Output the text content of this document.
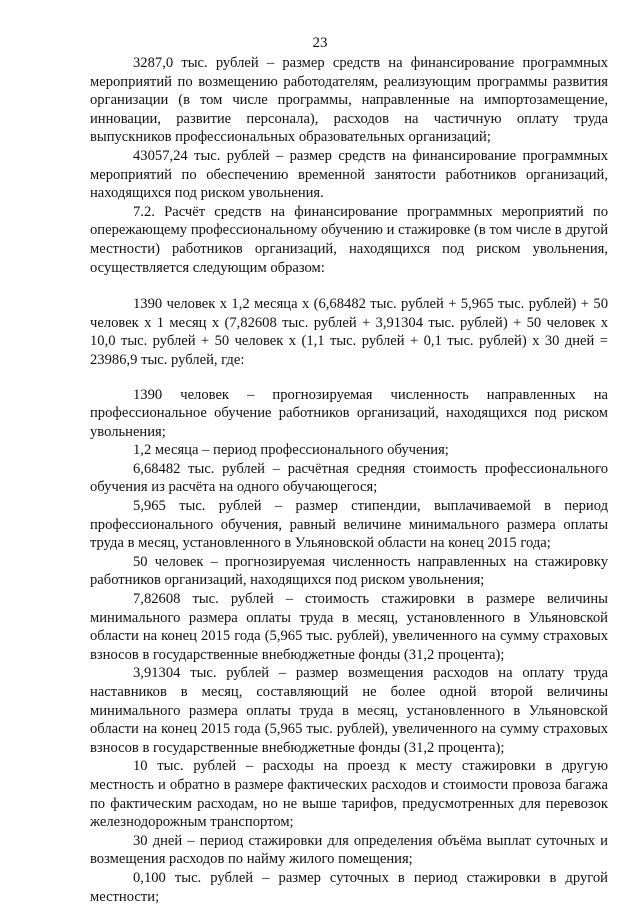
23

3287,0 тыс. рублей – размер средств на финансирование программных мероприятий по возмещению работодателям, реализующим программы развития организации (в том числе программы, направленные на импортозамещение, инновации, развитие персонала), расходов на частичную оплату труда выпускников профессиональных образовательных организаций;

43057,24 тыс. рублей – размер средств на финансирование программных мероприятий по обеспечению временной занятости работников организаций, находящихся под риском увольнения.

7.2. Расчёт средств на финансирование программных мероприятий по опережающему профессиональному обучению и стажировке (в том числе в другой местности) работников организаций, находящихся под риском увольнения, осуществляется следующим образом:

1390 человек х 1,2 месяца х (6,68482 тыс. рублей + 5,965 тыс. рублей) + 50 человек х 1 месяц х (7,82608 тыс. рублей + 3,91304 тыс. рублей) + 50 человек х 10,0 тыс. рублей + 50 человек х (1,1 тыс. рублей + 0,1 тыс. рублей) х 30 дней = 23986,9 тыс. рублей, где:

1390 человек – прогнозируемая численность направленных на профессиональное обучение работников организаций, находящихся под риском увольнения;

1,2 месяца – период профессионального обучения;

6,68482 тыс. рублей – расчётная средняя стоимость профессионального обучения из расчёта на одного обучающегося;

5,965 тыс. рублей – размер стипендии, выплачиваемой в период профессионального обучения, равный величине минимального размера оплаты труда в месяц, установленного в Ульяновской области на конец 2015 года;

50 человек – прогнозируемая численность направленных на стажировку работников организаций, находящихся под риском увольнения;

7,82608 тыс. рублей – стоимость стажировки в размере величины минимального размера оплаты труда в месяц, установленного в Ульяновской области на конец 2015 года (5,965 тыс. рублей), увеличенного на сумму страховых взносов в государственные внебюджетные фонды (31,2 процента);

3,91304 тыс. рублей – размер возмещения расходов на оплату труда наставников в месяц, составляющий не более одной второй величины минимального размера оплаты труда в месяц, установленного в Ульяновской области на конец 2015 года (5,965 тыс. рублей), увеличенного на сумму страховых взносов в государственные внебюджетные фонды (31,2 процента);

10 тыс. рублей – расходы на проезд к месту стажировки в другую местность и обратно в размере фактических расходов и стоимости провоза багажа по фактическим расходам, но не выше тарифов, предусмотренных для перевозок железнодорожным транспортом;

30 дней – период стажировки для определения объёма выплат суточных и возмещения расходов по найму жилого помещения;

0,100 тыс. рублей – размер суточных в период стажировки в другой местности;
